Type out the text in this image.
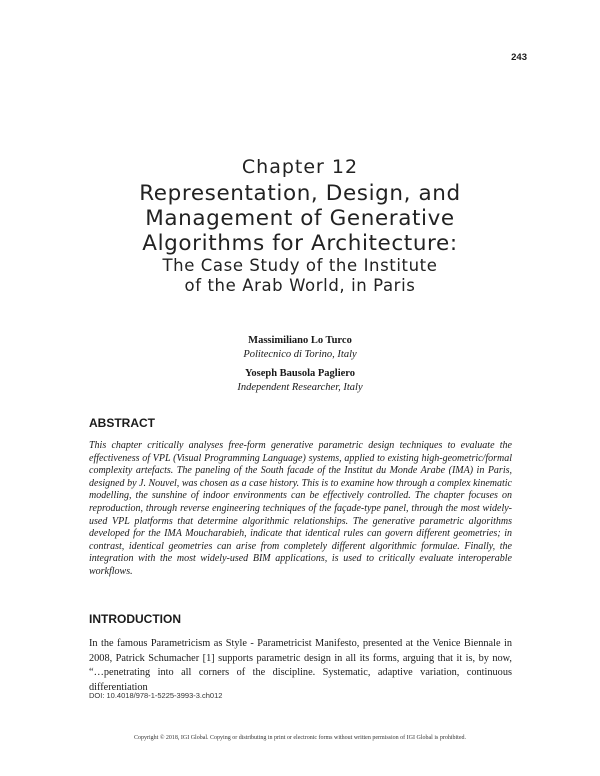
243
Chapter 12
Representation, Design, and
Management of Generative
Algorithms for Architecture:
The Case Study of the Institute
of the Arab World, in Paris
Massimiliano Lo Turco
Politecnico di Torino, Italy
Yoseph Bausola Pagliero
Independent Researcher, Italy
ABSTRACT
This chapter critically analyses free-form generative parametric design techniques to evaluate the effectiveness of VPL (Visual Programming Language) systems, applied to existing high-geometric/formal complexity artefacts. The paneling of the South facade of the Institut du Monde Arabe (IMA) in Paris, designed by J. Nouvel, was chosen as a case history. This is to examine how through a complex kinematic modelling, the sunshine of indoor environments can be effectively controlled. The chapter focuses on reproduction, through reverse engineering techniques of the façade-type panel, through the most widely-used VPL platforms that determine algorithmic relationships. The generative parametric algorithms developed for the IMA Moucharabieh, indicate that identical rules can govern different geometries; in contrast, identical geometries can arise from completely different algorithmic formulae. Finally, the integration with the most widely-used BIM applications, is used to critically evaluate interoperable workflows.
INTRODUCTION
In the famous Parametricism as Style - Parametricist Manifesto, presented at the Venice Biennale in 2008, Patrick Schumacher [1] supports parametric design in all its forms, arguing that it is, by now, “…penetrating into all corners of the discipline. Systematic, adaptive variation, continuous differentiation
DOI: 10.4018/978-1-5225-3993-3.ch012
Copyright © 2018, IGI Global. Copying or distributing in print or electronic forms without written permission of IGI Global is prohibited.
